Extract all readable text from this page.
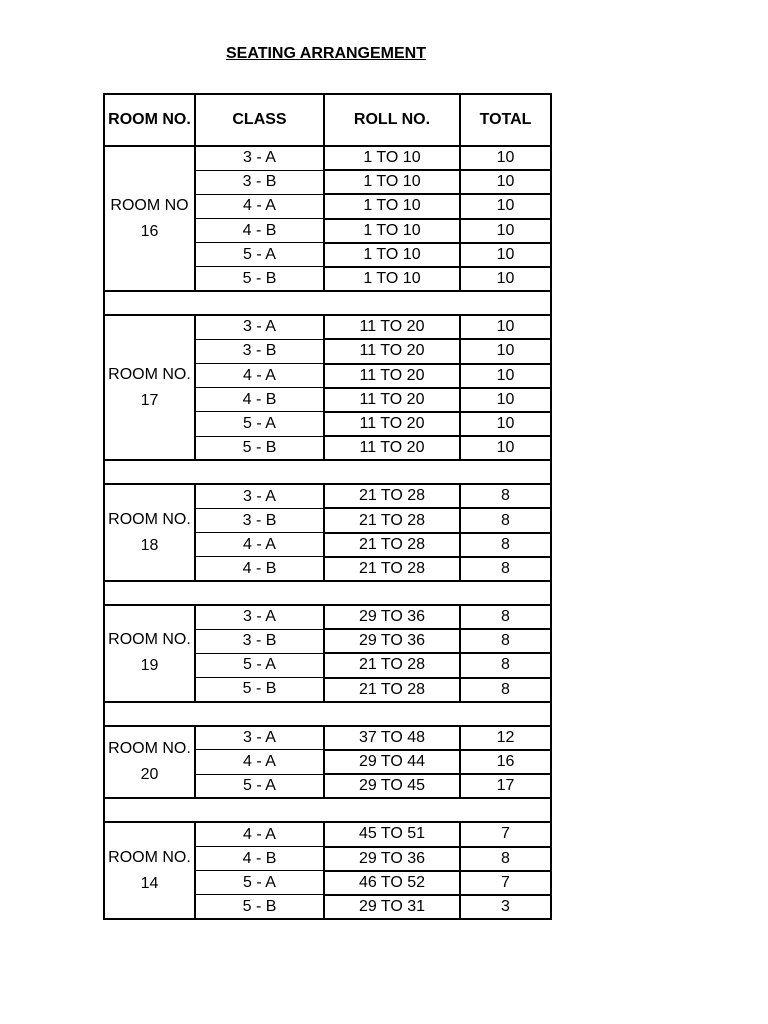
SEATING ARRANGEMENT
ROOM NO.	CLASS	ROLL NO.	TOTAL
ROOM NO 16	3 - A	1 TO 10	10
	3 - B	1 TO 10	10
	4 - A	1 TO 10	10
	4 - B	1 TO 10	10
	5 - A	1 TO 10	10
	5 - B	1 TO 10	10

ROOM NO. 17	3 - A	11 TO 20	10
	3 - B	11 TO 20	10
	4 - A	11 TO 20	10
	4 - B	11 TO 20	10
	5 - A	11 TO 20	10
	5 - B	11 TO 20	10

ROOM NO. 18	3 - A	21 TO 28	8
	3 - B	21 TO 28	8
	4 - A	21 TO 28	8
	4 - B	21 TO 28	8

ROOM NO. 19	3 - A	29 TO 36	8
	3 - B	29 TO 36	8
	5 - A	21 TO 28	8
	5 - B	21 TO 28	8

ROOM NO. 20	3 - A	37 TO 48	12
	4 - A	29 TO 44	16
	5 - A	29 TO 45	17

ROOM NO. 14	4 - A	45 TO 51	7
	4 - B	29 TO 36	8
	5 - A	46 TO 52	7
	5 - B	29 TO 31	3
